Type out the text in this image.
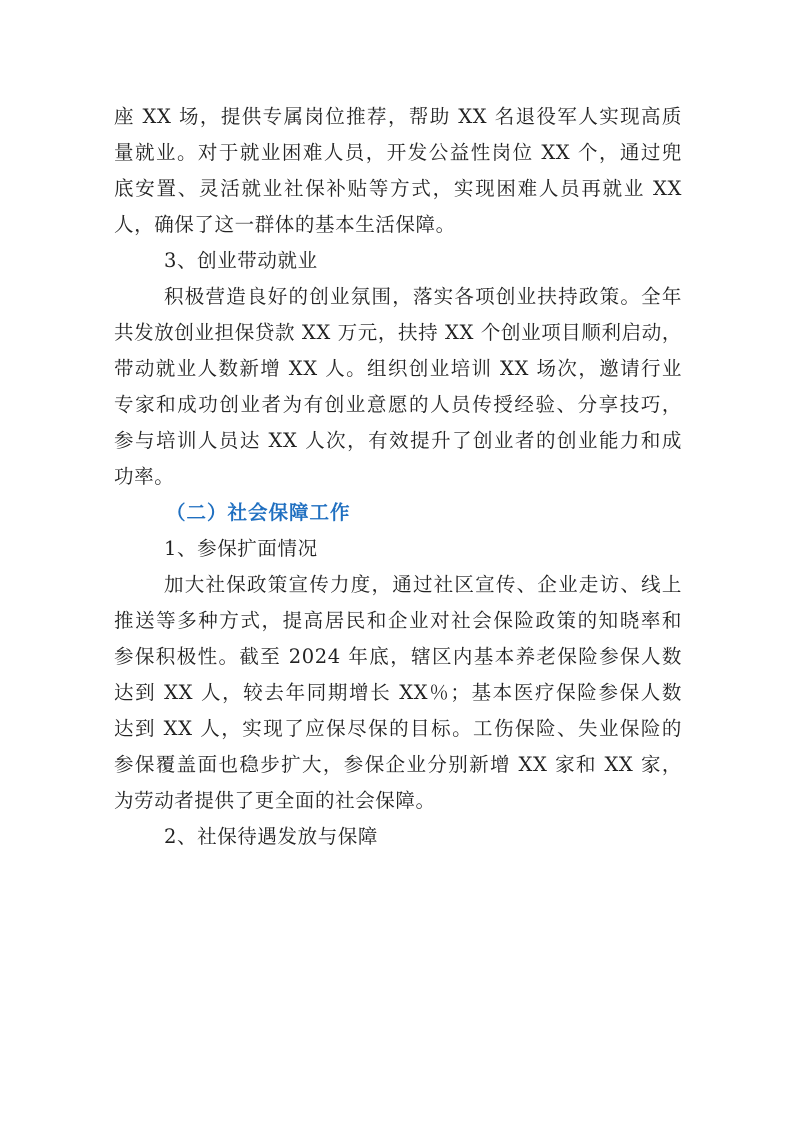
座 XX 场，提供专属岗位推荐，帮助 XX 名退役军人实现高质
量就业。对于就业困难人员，开发公益性岗位 XX 个，通过兜
底安置、灵活就业社保补贴等方式，实现困难人员再就业 XX
人，确保了这一群体的基本生活保障。
3、创业带动就业
积极营造良好的创业氛围，落实各项创业扶持政策。全年
共发放创业担保贷款 XX 万元，扶持 XX 个创业项目顺利启动，
带动就业人数新增 XX 人。组织创业培训 XX 场次，邀请行业
专家和成功创业者为有创业意愿的人员传授经验、分享技巧，
参与培训人员达 XX 人次，有效提升了创业者的创业能力和成
功率。
（二）社会保障工作
1、参保扩面情况
加大社保政策宣传力度，通过社区宣传、企业走访、线上
推送等多种方式，提高居民和企业对社会保险政策的知晓率和
参保积极性。截至 2024 年底，辖区内基本养老保险参保人数
达到 XX 人，较去年同期增长 XX％；基本医疗保险参保人数
达到 XX 人，实现了应保尽保的目标。工伤保险、失业保险的
参保覆盖面也稳步扩大，参保企业分别新增 XX 家和 XX 家，
为劳动者提供了更全面的社会保障。
2、社保待遇发放与保障
